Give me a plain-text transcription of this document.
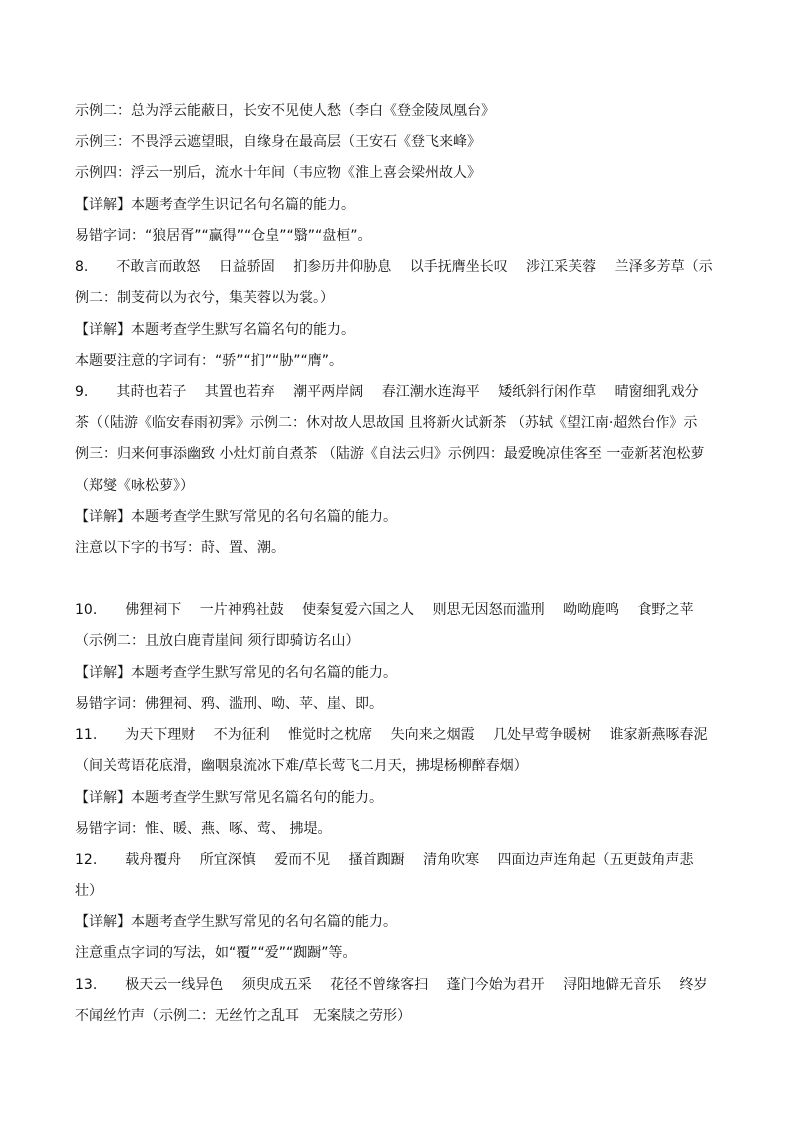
示例二：总为浮云能蔽日，长安不见使人愁（李白《登金陵凤凰台》
示例三：不畏浮云遮望眼，自缘身在最高层（王安石《登飞来峰》
示例四：浮云一别后，流水十年间（韦应物《淮上喜会梁州故人》
【详解】本题考查学生识记名句名篇的能力。
易错字词：“狼居胥”“赢得”“仓皇”“翳”“盘桓”。
8.　　不敢言而敢怒　 日益骄固　 扪参历井仰胁息　 以手抚膺坐长叹　 涉江采芙蓉　 兰泽多芳草（示
例二：制芰荷以为衣兮，集芙蓉以为裳。）
【详解】本题考查学生默写名篇名句的能力。
本题要注意的字词有：“骄”“扪”“胁”“膺”。
9.　　其莳也若子　 其置也若弃　 潮平两岸阔　 春江潮水连海平　 矮纸斜行闲作草　 晴窗细乳戏分
茶（（陆游《临安春雨初霁》示例二：休对故人思故国 且将新火试新茶 （苏轼《望江南·超然台作》示
例三：归来何事添幽致 小灶灯前自煮茶 （陆游《自法云归》示例四：最爱晚凉佳客至 一壶新茗泡松萝
（郑燮《咏松萝》）
【详解】本题考查学生默写常见的名句名篇的能力。
注意以下字的书写：莳、置、潮。
10.　　佛狸祠下　 一片神鸦社鼓　 使秦复爱六国之人　 则思无因怒而滥刑　 呦呦鹿鸣　 食野之苹
（示例二：且放白鹿青崖间 须行即骑访名山）
【详解】本题考查学生默写常见的名句名篇的能力。
易错字词：佛狸祠、鸦、滥刑、呦、苹、崖、即。
11.　　为天下理财　 不为征利　 惟觉时之枕席　 失向来之烟霞　 几处早莺争暖树　 谁家新燕啄春泥
（间关莺语花底滑，幽咽泉流冰下难/草长莺飞二月天，拂堤杨柳醉春烟）
【详解】本题考查学生默写常见名篇名句的能力。
易错字词：惟、暖、燕、啄、莺、 拂堤。
12.　　载舟覆舟　 所宜深慎　 爱而不见　 搔首踟蹰　 清角吹寒　 四面边声连角起（五更鼓角声悲
壮）
【详解】本题考查学生默写常见的名句名篇的能力。
注意重点字词的写法，如“覆”“爱”“踟蹰”等。
13.　　极天云一线异色　 须臾成五采　 花径不曾缘客扫　 蓬门今始为君开　 浔阳地僻无音乐　 终岁
不闻丝竹声（示例二：无丝竹之乱耳　无案牍之劳形）
